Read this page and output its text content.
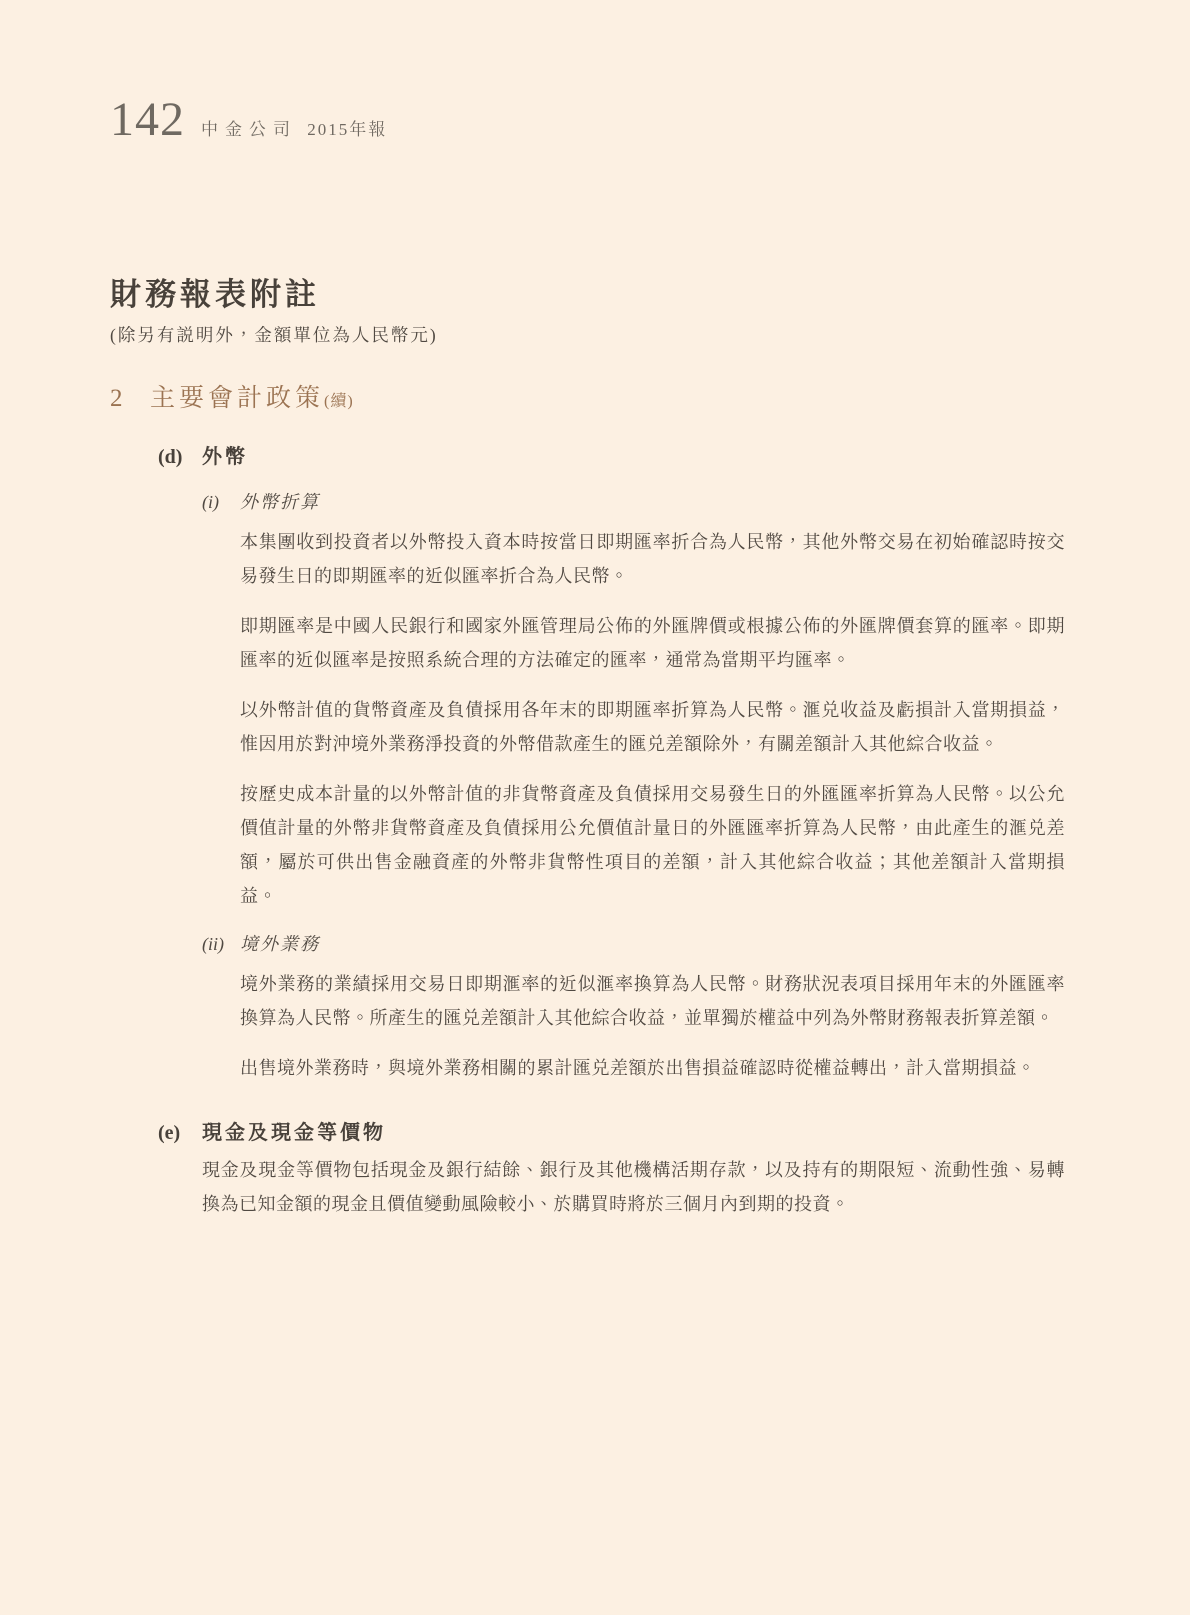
142 中金公司 2015年報
財務報表附註

(除另有説明外，金額單位為人民幣元)

2	主要會計政策(續)
(d) 外幣
(i)	外幣折算

本集團收到投資者以外幣投入資本時按當日即期匯率折合為人民幣，其他外幣交易在初始確認時按交易發生日的即期匯率的近似匯率折合為人民幣。

即期匯率是中國人民銀行和國家外匯管理局公佈的外匯牌價或根據公佈的外匯牌價套算的匯率。即期匯率的近似匯率是按照系統合理的方法確定的匯率，通常為當期平均匯率。

以外幣計值的貨幣資產及負債採用各年末的即期匯率折算為人民幣。滙兑收益及虧損計入當期損益，惟因用於對沖境外業務淨投資的外幣借款產生的匯兑差額除外，有關差額計入其他綜合收益。

按歷史成本計量的以外幣計值的非貨幣資產及負債採用交易發生日的外匯匯率折算為人民幣。以公允價值計量的外幣非貨幣資產及負債採用公允價值計量日的外匯匯率折算為人民幣，由此產生的滙兑差額，屬於可供出售金融資產的外幣非貨幣性項目的差額，計入其他綜合收益；其他差額計入當期損益。

(ii) 境外業務

境外業務的業績採用交易日即期滙率的近似滙率換算為人民幣。財務狀況表項目採用年末的外匯匯率換算為人民幣。所產生的匯兑差額計入其他綜合收益，並單獨於權益中列為外幣財務報表折算差額。

出售境外業務時，與境外業務相關的累計匯兑差額於出售損益確認時從權益轉出，計入當期損益。

(e)	現金及現金等價物

現金及現金等價物包括現金及銀行結餘、銀行及其他機構活期存款，以及持有的期限短、流動性強、易轉換為已知金額的現金且價值變動風險較小、於購買時將於三個月內到期的投資。
